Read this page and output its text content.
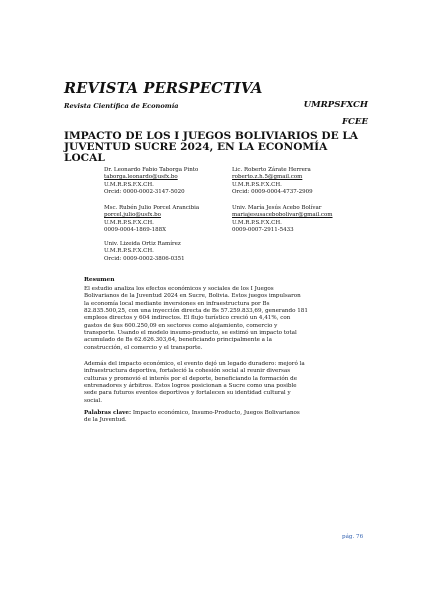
REVISTA PERSPECTIVA
Revista Científica de Economía	UMRPSFXCH
FCEE
IMPACTO DE LOS I JUEGOS BOLIVIARIOS DE LA
JUVENTUD SUCRE 2024, EN LA ECONOMÍA
LOCAL
Dr. Leonardo Fabio Taborga Pinto
taborga.leonardo@usfx.bo
U.M.R.P.S.F.X.CH.
Orcid: 0000-0002-3147-5020
Lic. Roberto Zárate Herrera
roberto.z.h.5@gmail.com
U.M.R.P.S.F.X.CH.
Orcid: 0009-0004-4737-2909
Msc. Rubén Julio Porcel Arancibia
porcel.julio@usfx.bo
U.M.R.P.S.F.X.CH.
0009-0004-1869-188X
Univ. María Jesús Acebo Bolívar
mariajesusacebobolivar@gmail.com
U.M.R.P.S.F.X.CH.
0009-0007-2911-5433
Univ. Lizeida Ortiz Ramírez
U.M.R.P.S.F.X.CH.
Orcid: 0009-0002-3806-0351
Resumen
El estudio analiza los efectos económicos y sociales de los I Juegos
Bolivarianos de la Juventud 2024 en Sucre, Bolivia. Estos juegos impulsaron
la economía local mediante inversiones en infraestructura por Bs
82.835.500,25, con una inyección directa de Bs 57.259.833,69, generando 181
empleos directos y 604 indirectos. El flujo turístico creció un 4,41%, con
gastos de $us 600.250,09 en sectores como alojamiento, comercio y
transporte. Usando el modelo insumo-producto, se estimó un impacto total
acumulado de Bs 62.626.303,64, beneficiando principalmente a la
construcción, el comercio y el transporte.
Además del impacto económico, el evento dejó un legado duradero: mejoró la
infraestructura deportiva, fortaleció la cohesión social al reunir diversas
culturas y promovió el interés por el deporte, beneficiando la formación de
entrenadores y árbitros. Estos logros posicionan a Sucre como una posible
sede para futuros eventos deportivos y fortalecen su identidad cultural y
social.
Palabras clave: Impacto económico, Insumo-Producto, Juegos Bolivarianos
de la Juventud.
pág. 76
